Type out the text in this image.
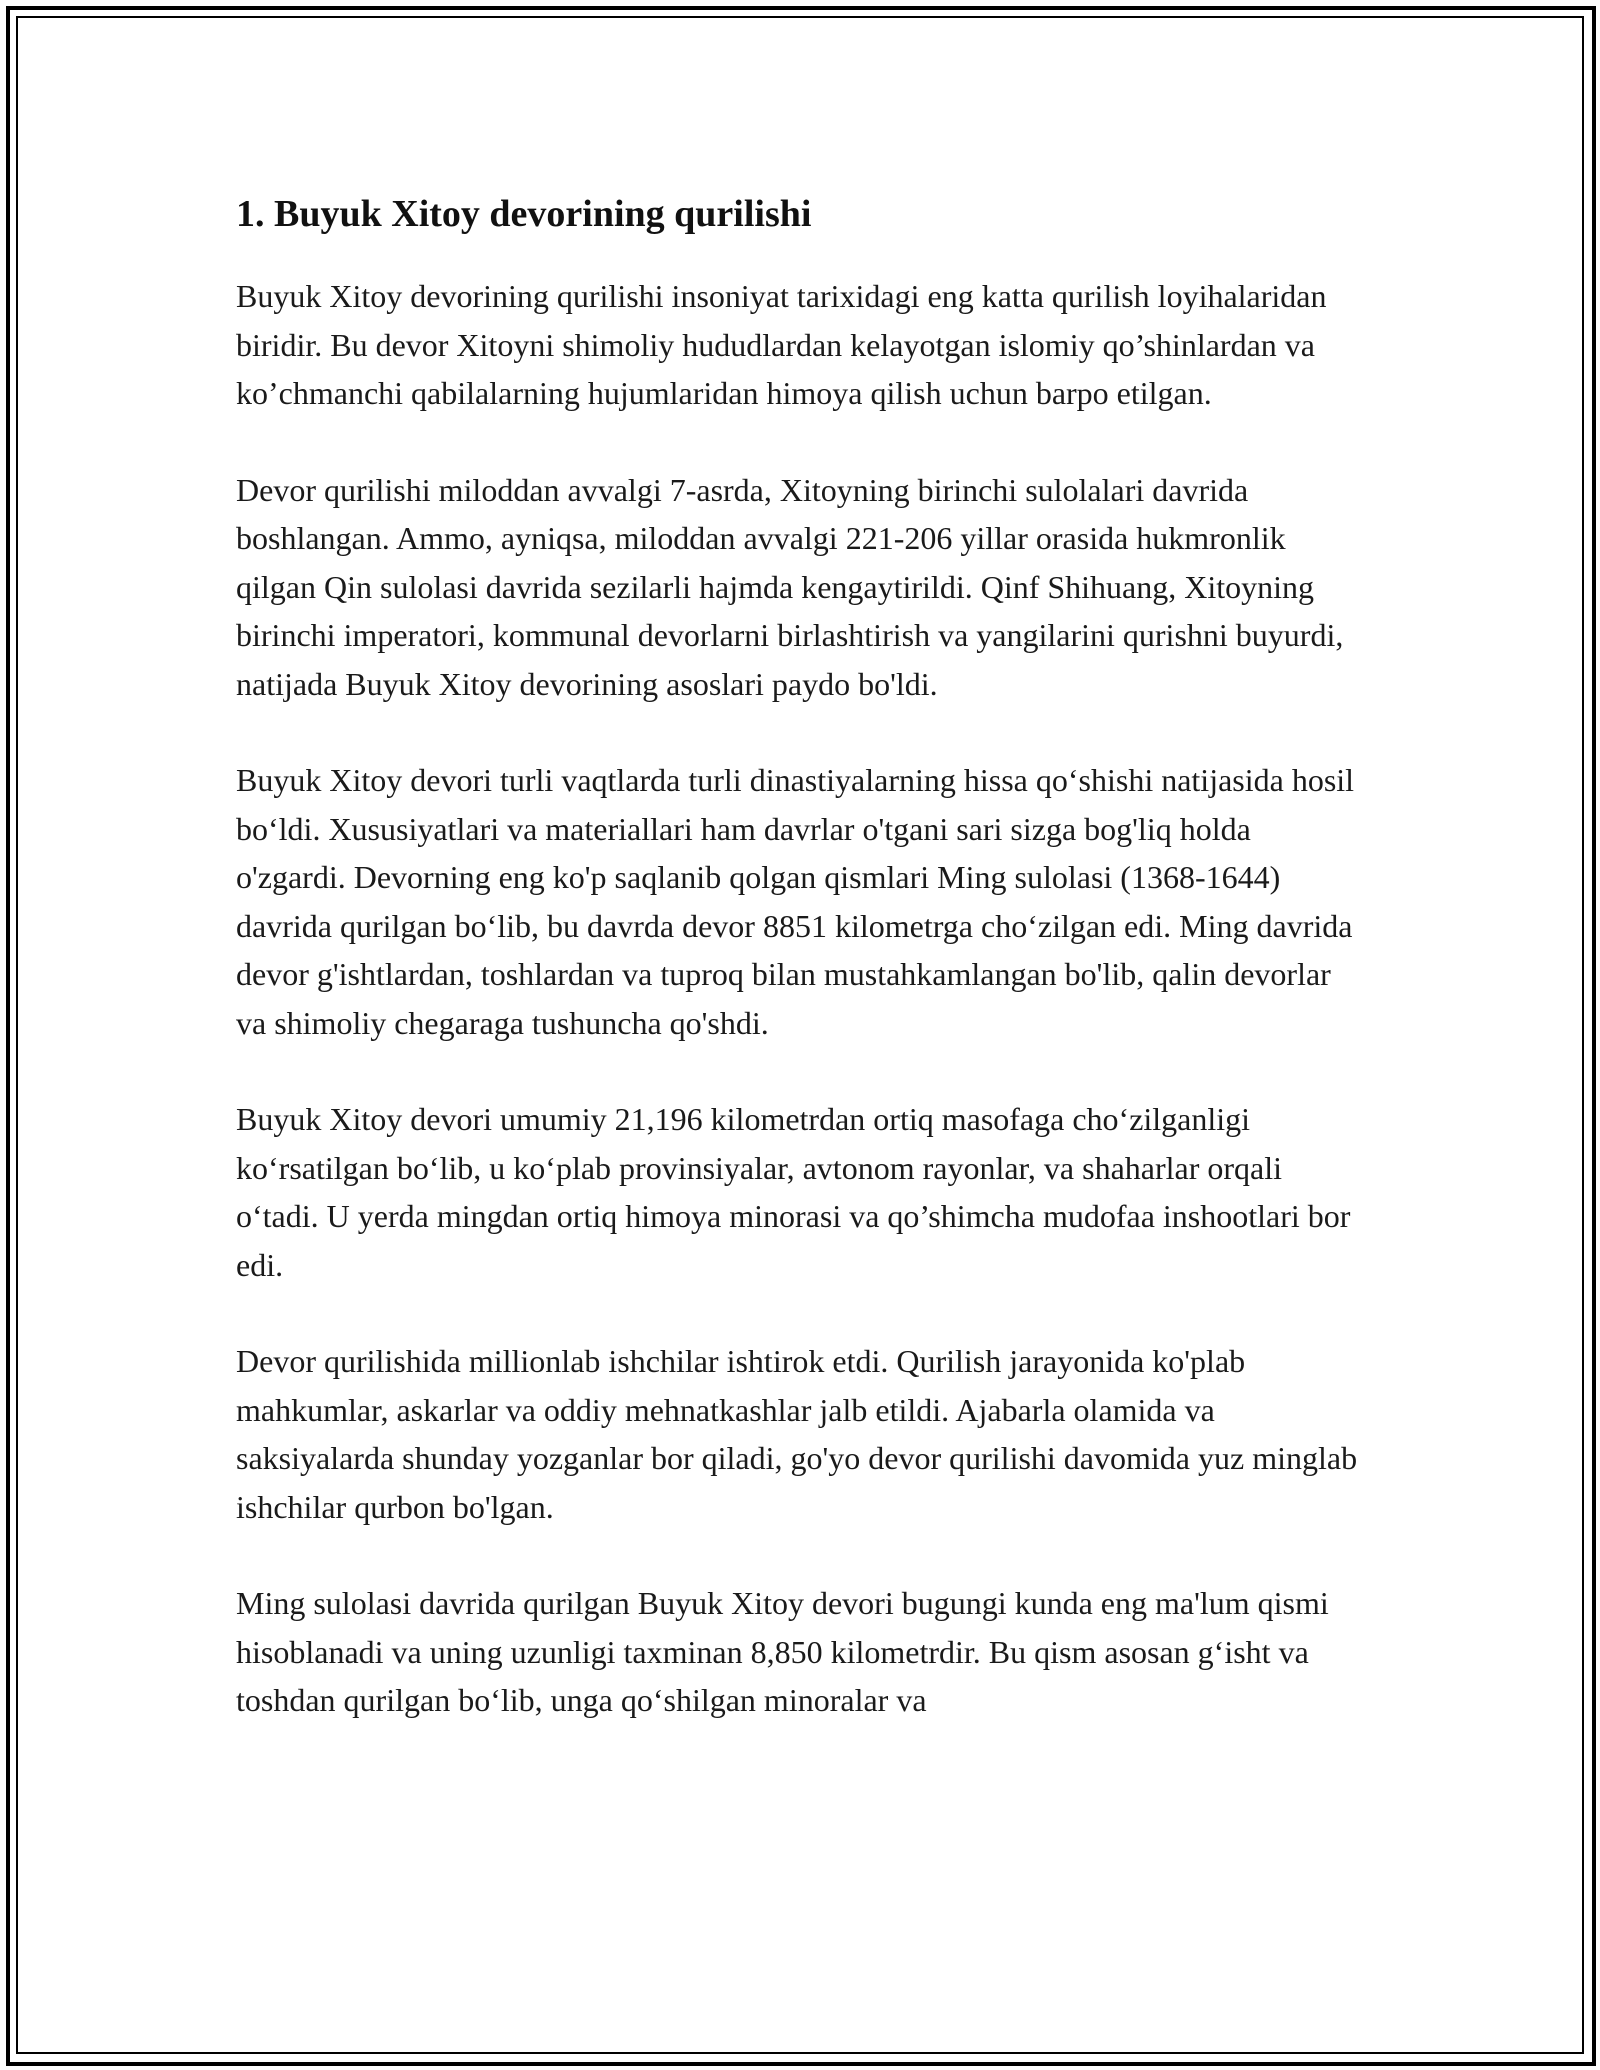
1. Buyuk Xitoy devorining qurilishi

Buyuk Xitoy devorining qurilishi insoniyat tarixidagi eng katta qurilish loyihalaridan biridir. Bu devor Xitoyni shimoliy hududlardan kelayotgan islomiy qo’shinlardan va ko’chmanchi qabilalarning hujumlaridan himoya qilish uchun barpo etilgan.

Devor qurilishi miloddan avvalgi 7-asrda, Xitoyning birinchi sulolalari davrida boshlangan. Ammo, ayniqsa, miloddan avvalgi 221-206 yillar orasida hukmronlik qilgan Qin sulolasi davrida sezilarli hajmda kengaytirildi. Qinf Shihuang, Xitoyning birinchi imperatori, kommunal devorlarni birlashtirish va yangilarini qurishni buyurdi, natijada Buyuk Xitoy devorining asoslari paydo bo'ldi.

Buyuk Xitoy devori turli vaqtlarda turli dinastiyalarning hissa qo‘shishi natijasida hosil bo‘ldi. Xususiyatlari va materiallari ham davrlar o'tgani sari sizga bog'liq holda o'zgardi. Devorning eng ko'p saqlanib qolgan qismlari Ming sulolasi (1368-1644) davrida qurilgan bo‘lib, bu davrda devor 8851 kilometrga cho‘zilgan edi. Ming davrida devor g'ishtlardan, toshlardan va tuproq bilan mustahkamlangan bo'lib, qalin devorlar va shimoliy chegaraga tushuncha qo'shdi.

Buyuk Xitoy devori umumiy 21,196 kilometrdan ortiq masofaga cho‘zilganligi ko‘rsatilgan bo‘lib, u ko‘plab provinsiyalar, avtonom rayonlar, va shaharlar orqali o‘tadi. U yerda mingdan ortiq himoya minorasi va qo’shimcha mudofaa inshootlari bor edi.

Devor qurilishida millionlab ishchilar ishtirok etdi. Qurilish jarayonida ko'plab mahkumlar, askarlar va oddiy mehnatkashlar jalb etildi. Ajabarla olamida va saksiyalarda shunday yozganlar bor qiladi, go'yo devor qurilishi davomida yuz minglab ishchilar qurbon bo'lgan.

Ming sulolasi davrida qurilgan Buyuk Xitoy devori bugungi kunda eng ma'lum qismi hisoblanadi va uning uzunligi taxminan 8,850 kilometrdir. Bu qism asosan g‘isht va toshdan qurilgan bo‘lib, unga qo‘shilgan minoralar va
